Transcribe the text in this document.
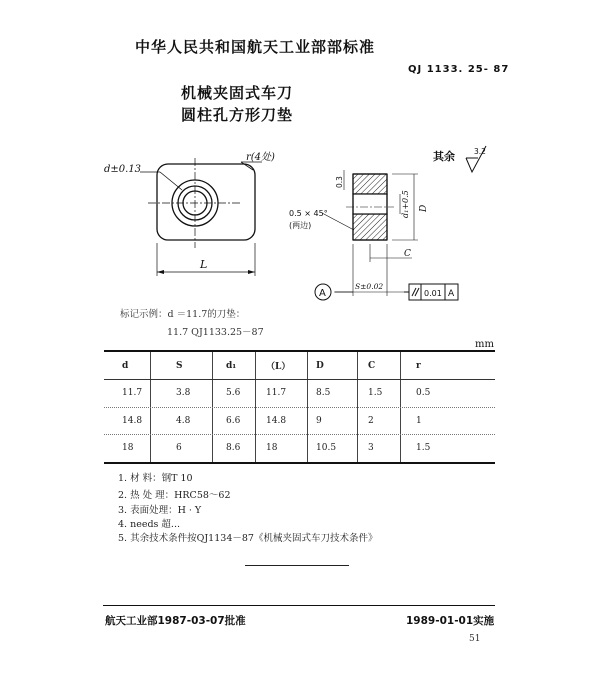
中华人民共和国航天工业部部标准
QJ 1133. 25- 87
机械夹固式车刀
圆柱孔方形刀垫
d±0.13
r(4处)
L
其余	3.2
0.3
d₁+0.5 D
0.5 × 45°
(两边)
C
A
S±0.02
0.01 A
标记示例：d ＝11.7的刀垫：
11.7 QJ1133.25－87
mm
d	S	d₁	（L）	D	C	r
11.7	3.8	5.6	11.7	8.5	1.5	0.5
14.8	4.8	6.6	14.8	9	2	1
18	6	8.6	18	10.5	3	1.5
1. 材 料：钢T 10
2. 热 处 理：HRC58～62
3. 表面处理：H · Y
4. needs 超...
5. 其余技术条件按QJ1134－87《机械夹固式车刀技术条件》
航天工业部1987-03-07批准	1989-01-01实施
51
